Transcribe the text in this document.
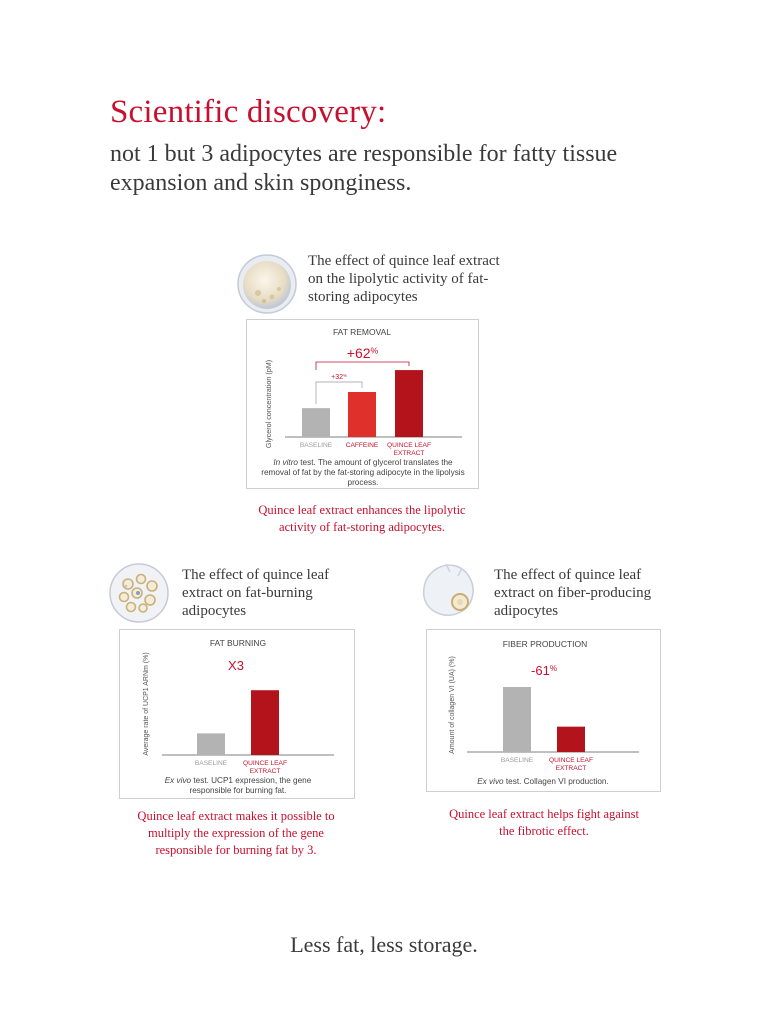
Scientific discovery:
not 1 but 3 adipocytes are responsible for fatty tissue expansion and skin sponginess.
The effect of quince leaf extract on the lipolytic activity of fat-storing adipocytes
FAT REMOVAL
Glycerol concentration (pM)	BASELINE CAFFEINE QUINCE LEAF EXTRACT
+32%
+62%
In vitro test. The amount of glycerol translates the removal of fat by the fat-storing adipocyte in the lipolysis process.
Quince leaf extract enhances the lipolytic activity of fat-storing adipocytes.
The effect of quince leaf extract on fat-burning adipocytes
FAT BURNING
Average rate of UCP1 ARNm (%)
BASELINE QUINCE LEAF EXTRACT
X3
Ex vivo test. UCP1 expression, the gene responsible for burning fat.
Quince leaf extract makes it possible to multiply the expression of the gene responsible for burning fat by 3.
The effect of quince leaf extract on fiber-producing adipocytes
FIBER PRODUCTION
Amount of collagen VI (UA) (%)
BASELINE QUINCE LEAF EXTRACT
-61%
Ex vivo test. Collagen VI production.
Quince leaf extract helps fight against the fibrotic effect.
Less fat, less storage.
